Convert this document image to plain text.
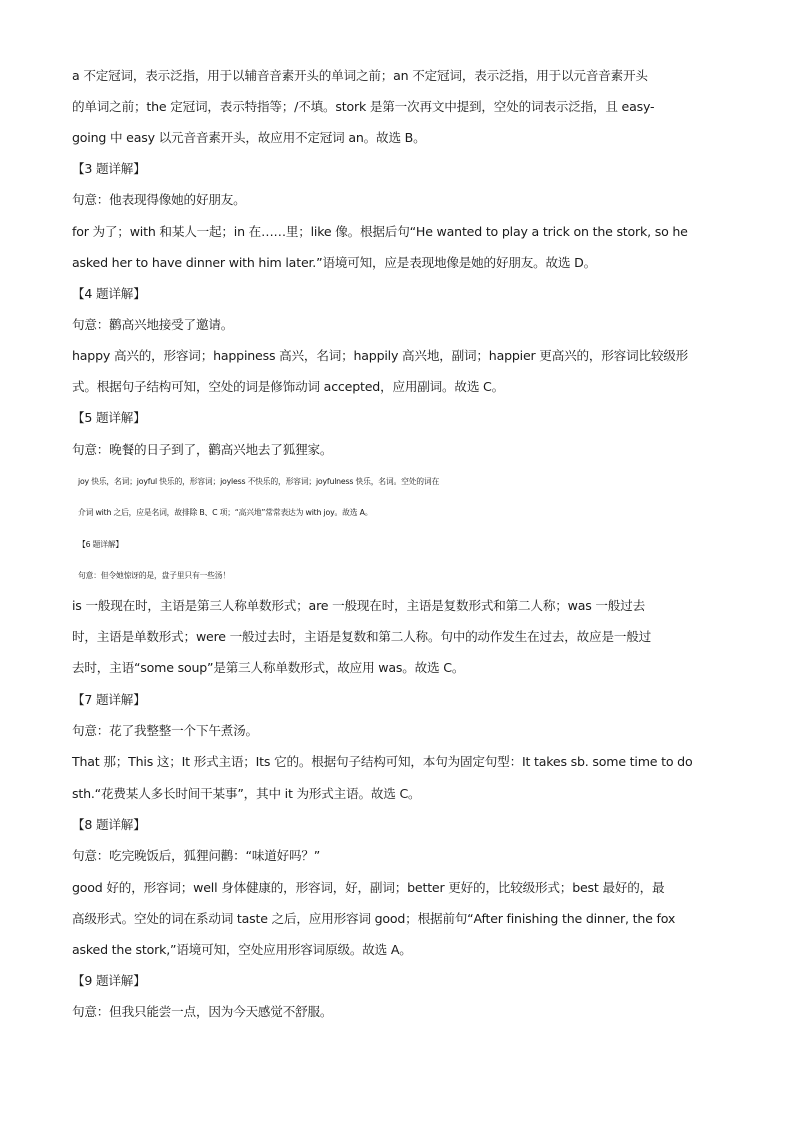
a 不定冠词，表示泛指，用于以辅音音素开头的单词之前；an 不定冠词，表示泛指，用于以元音音素开头
的单词之前；the 定冠词，表示特指等；/不填。stork 是第一次再文中提到，空处的词表示泛指，且 easy-
going 中 easy 以元音音素开头，故应用不定冠词 an。故选 B。
【3 题详解】
句意：他表现得像她的好朋友。
for 为了；with 和某人一起；in 在……里；like 像。根据后句“He wanted to play a trick on the stork, so he
asked her to have dinner with him later.”语境可知，应是表现地像是她的好朋友。故选 D。
【4 题详解】
句意：鹳高兴地接受了邀请。
happy 高兴的，形容词；happiness 高兴，名词；happily 高兴地，副词；happier 更高兴的，形容词比较级形
式。根据句子结构可知，空处的词是修饰动词 accepted，应用副词。故选 C。
【5 题详解】
句意：晚餐的日子到了，鹳高兴地去了狐狸家。
joy 快乐，名词；joyful 快乐的，形容词；joyless 不快乐的，形容词；joyfulness 快乐，名词。空处的词在
介词 with 之后，应是名词，故排除 B、C 项；“高兴地”常常表达为 with joy。故选 A。
【6 题详解】
句意：但令她惊讶的是，盘子里只有一些汤！
is 一般现在时，主语是第三人称单数形式；are 一般现在时，主语是复数形式和第二人称；was 一般过去
时，主语是单数形式；were 一般过去时，主语是复数和第二人称。句中的动作发生在过去，故应是一般过
去时，主语“some soup”是第三人称单数形式，故应用 was。故选 C。
【7 题详解】
句意：花了我整整一个下午煮汤。
That 那；This 这；It 形式主语；Its 它的。根据句子结构可知，本句为固定句型：It takes sb. some time to do
sth.“花费某人多长时间干某事”，其中 it 为形式主语。故选 C。
【8 题详解】
句意：吃完晚饭后，狐狸问鹳：“味道好吗？”
good 好的，形容词；well 身体健康的，形容词，好，副词；better 更好的，比较级形式；best 最好的，最
高级形式。空处的词在系动词 taste 之后，应用形容词 good；根据前句“After finishing the dinner, the fox
asked the stork,”语境可知，空处应用形容词原级。故选 A。
【9 题详解】
句意：但我只能尝一点，因为今天感觉不舒服。
